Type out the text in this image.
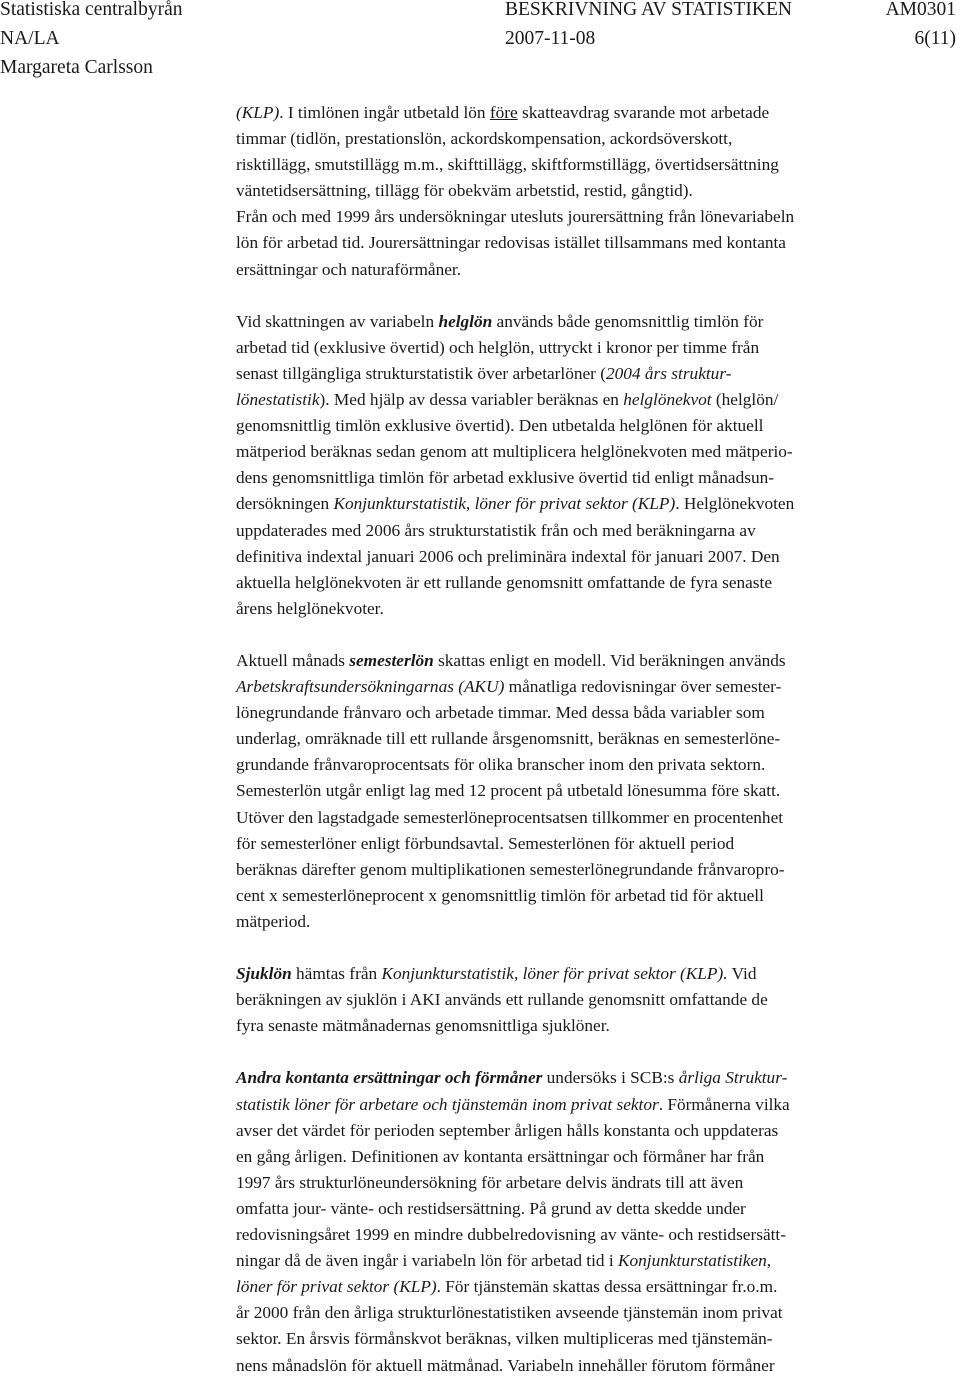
Statistiska centralbyrån	BESKRIVNING AV STATISTIKEN	AM0301
NA/LA	2007-11-08	6(11)
Margareta Carlsson

(KLP). I timlönen ingår utbetald lön före skatteavdrag svarande mot arbetade
timmar (tidlön, prestationslön, ackordskompensation, ackordsöverskott,
risktillägg, smutstillägg m.m., skifttillägg, skiftformstillägg, övertidsersättning
väntetidsersättning, tillägg för obekväm arbetstid, restid, gångtid).
Från och med 1999 års undersökningar utesluts jourersättning från lönevariabeln
lön för arbetad tid. Jourersättningar redovisas istället tillsammans med kontanta
ersättningar och naturaförmåner.

Vid skattningen av variabeln helglön används både genomsnittlig timlön för
arbetad tid (exklusive övertid) och helglön, uttryckt i kronor per timme från
senast tillgängliga strukturstatistik över arbetarlöner (2004 års struktur-
lönestatistik). Med hjälp av dessa variabler beräknas en helglönekvot (helglön/
genomsnittlig timlön exklusive övertid). Den utbetalda helglönen för aktuell
mätperiod beräknas sedan genom att multiplicera helglönekvoten med mätperio-
dens genomsnittliga timlön för arbetad exklusive övertid tid enligt månadsun-
dersökningen Konjunkturstatistik, löner för privat sektor (KLP). Helglönekvoten
uppdaterades med 2006 års strukturstatistik från och med beräkningarna av
definitiva indextal januari 2006 och preliminära indextal för januari 2007. Den
aktuella helglönekvoten är ett rullande genomsnitt omfattande de fyra senaste
årens helglönekvoter.

Aktuell månads semesterlön skattas enligt en modell. Vid beräkningen används
Arbetskraftsundersökningarnas (AKU) månatliga redovisningar över semester-
lönegrundande frånvaro och arbetade timmar. Med dessa båda variabler som
underlag, omräknade till ett rullande årsgenomsnitt, beräknas en semesterlöne-
grundande frånvaroprocentsats för olika branscher inom den privata sektorn.
Semesterlön utgår enligt lag med 12 procent på utbetald lönesumma före skatt.
Utöver den lagstadgade semesterlöneprocentsatsen tillkommer en procentenhet
för semesterlöner enligt förbundsavtal. Semesterlönen för aktuell period
beräknas därefter genom multiplikationen semesterlönegrundande frånvaropro-
cent x semesterlöneprocent x genomsnittlig timlön för arbetad tid för aktuell
mätperiod.

Sjuklön hämtas från Konjunkturstatistik, löner för privat sektor (KLP). Vid
beräkningen av sjuklön i AKI används ett rullande genomsnitt omfattande de
fyra senaste mätmånadernas genomsnittliga sjuklöner.

Andra kontanta ersättningar och förmåner undersöks i SCB:s årliga Struktur-
statistik löner för arbetare och tjänstemän inom privat sektor. Förmånerna vilka
avser det värdet för perioden september årligen hålls konstanta och uppdateras
en gång årligen. Definitionen av kontanta ersättningar och förmåner har från
1997 års strukturlöneundersökning för arbetare delvis ändrats till att även
omfatta jour- vänte- och restidsersättning. På grund av detta skedde under
redovisningsåret 1999 en mindre dubbelredovisning av vänte- och restidsersätt-
ningar då de även ingår i variabeln lön för arbetad tid i Konjunkturstatistiken,
löner för privat sektor (KLP). För tjänstemän skattas dessa ersättningar fr.o.m.
år 2000 från den årliga strukturlönestatistiken avseende tjänstemän inom privat
sektor. En årsvis förmånskvot beräknas, vilken multipliceras med tjänstemän-
nens månadslön för aktuell mätmånad. Variabeln innehåller förutom förmåner
